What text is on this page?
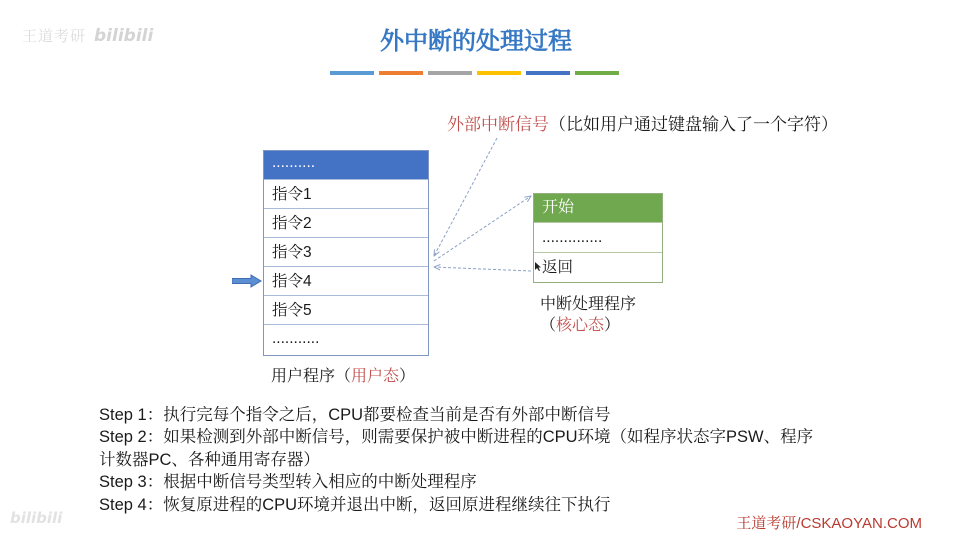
王道考研 bilibili
bilibili
外中断的处理过程
外部中断信号（比如用户通过键盘输入了一个字符）
..........
指令1
指令2
指令3
指令4
指令5
...........
用户程序（用户态）
开始
..............
返回
中断处理程序
（核心态）
Step 1：执行完每个指令之后，CPU都要检查当前是否有外部中断信号
Step 2：如果检测到外部中断信号，则需要保护被中断进程的CPU环境（如程序状态字PSW、程序
计数器PC、各种通用寄存器）
Step 3：根据中断信号类型转入相应的中断处理程序
Step 4：恢复原进程的CPU环境并退出中断，返回原进程继续往下执行
王道考研/CSKAOYAN.COM
